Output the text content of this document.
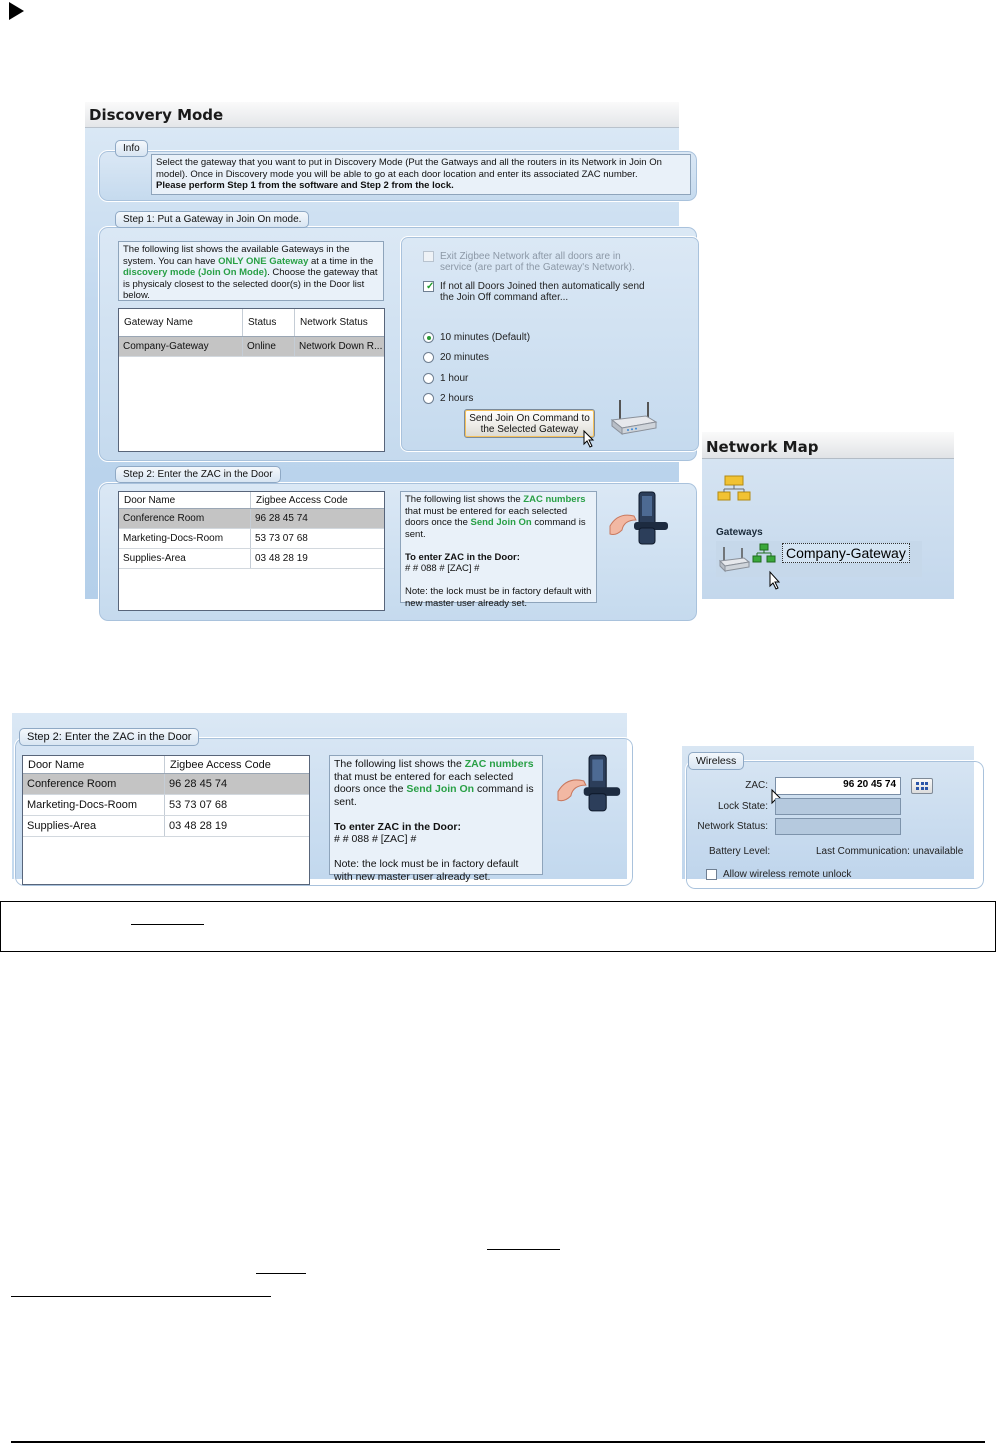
Discovery Mode
Info
Select the gateway that you want to put in Discovery Mode (Put the Gatways and all the routers in its Network in Join On model). Once in Discovery mode you will be able to go at each door location and enter its associated ZAC number.
Please perform Step 1 from the software and Step 2 from the lock.
Step 1: Put a Gateway in Join On mode.
The following list shows the available Gateways in the system. You can have ONLY ONE Gateway at a time in the discovery mode (Join On Mode). Choose the gateway that is physicaly closest to the selected door(s) in the Door list below.
Gateway Name	Status	Network Status
Company-Gateway	Online	Network Down R...
Exit Zigbee Network after all doors are in service (are part of the Gateway's Network).
✓ If not all Doors Joined then automatically send the Join Off command after...
10 minutes (Default)
20 minutes
1 hour
2 hours
Send Join On Command to the Selected Gateway
Step 2: Enter the ZAC in the Door
Door Name	Zigbee Access Code
Conference Room	96 28 45 74
Marketing-Docs-Room	53 73 07 68
Supplies-Area	03 48 28 19
The following list shows the ZAC numbers that must be entered for each selected doors once the Send Join On command is sent.

To enter ZAC in the Door:
# # 088 # [ZAC] #

Note: the lock must be in factory default with new master user already set.
Network Map
Gateways
Company-Gateway
Step 2: Enter the ZAC in the Door
Door Name	Zigbee Access Code
Conference Room	96 28 45 74
Marketing-Docs-Room	53 73 07 68
Supplies-Area	03 48 28 19
The following list shows the ZAC numbers that must be entered for each selected doors once the Send Join On command is sent.

To enter ZAC in the Door:
# # 088 # [ZAC] #

Note: the lock must be in factory default with new master user already set.
Wireless
ZAC:	96 20 45 74
Lock State:
Network Status:
Battery Level:	Last Communication: unavailable
Allow wireless remote unlock
